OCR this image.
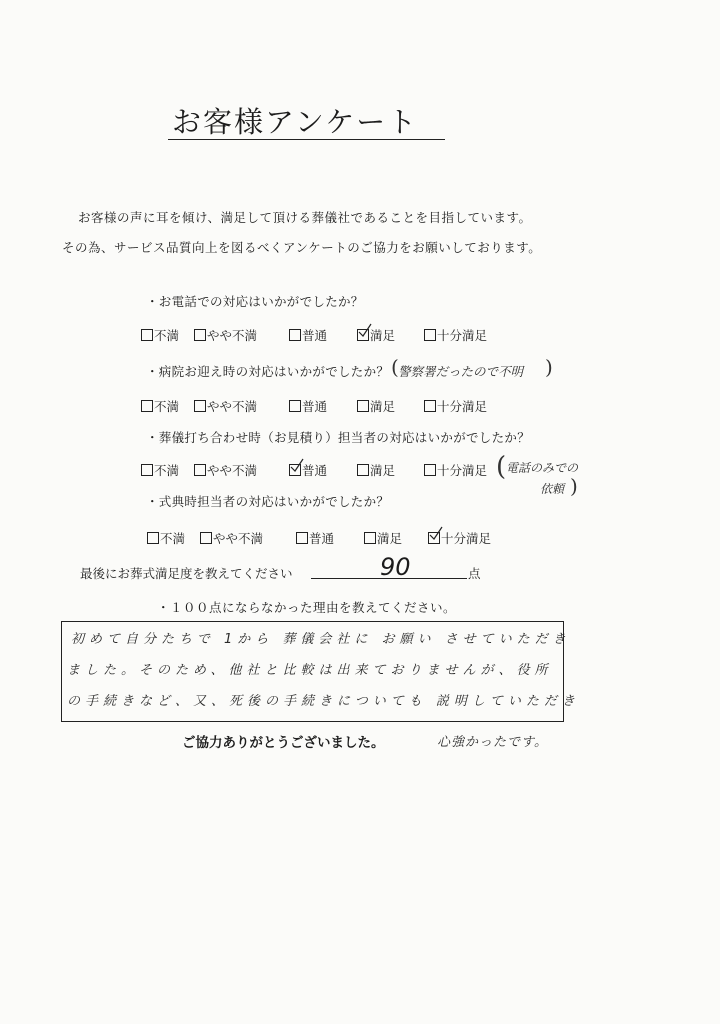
お客様アンケート
お客様の声に耳を傾け、満足して頂ける葬儀社であることを目指しています。
その為、サービス品質向上を図るべくアンケートのご協力をお願いしております。
・お電話での対応はいかがでしたか？
不満	やや不満	普通	満足	十分満足
・病院お迎え時の対応はいかがでしたか？ ( 警察署だったので不明 )
不満	やや不満	普通	満足	十分満足
・葬儀打ち合わせ時（お見積り）担当者の対応はいかがでしたか？
不満	やや不満	普通	満足	十分満足 ( 電話のみでの
依頼 )
・式典時担当者の対応はいかがでしたか？
不満	やや不満	普通	満足	十分満足
最後にお葬式満足度を教えてください	90	点
・１００点にならなかった理由を教えてください。
初めて自分たちで 1から 葬儀会社に お願い させていただき
ました。そのため、他社と比較は出来ておりませんが、役所
の手続きなど、又、死後の手続きについても 説明していただき
ご協力ありがとうございました。	心強かったです。
